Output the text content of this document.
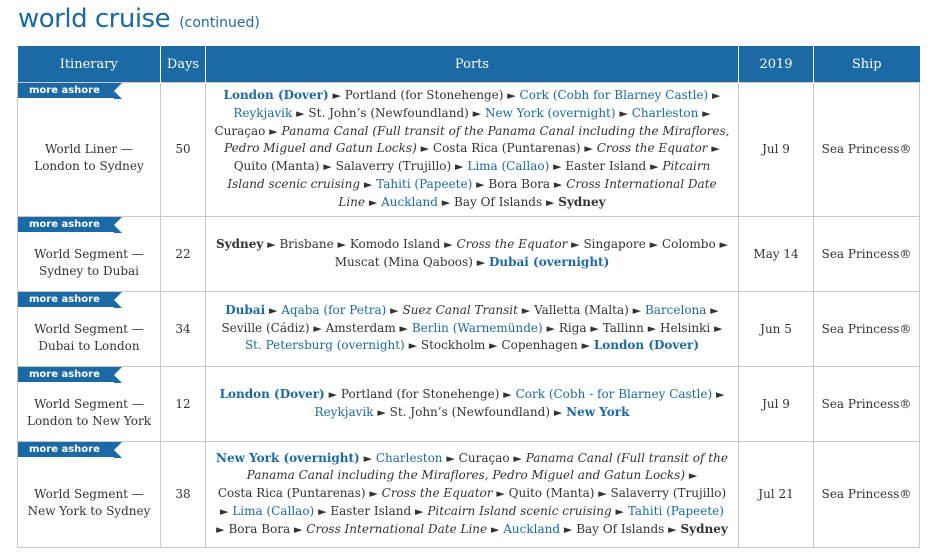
world cruise (continued)
Itinerary	Days	Ports	2019	Ship

more ashore
World Liner — London to Sydney	50	London (Dover) ► Portland (for Stonehenge) ► Cork (Cobh for Blarney Castle) ► Reykjavik ► St. John’s (Newfoundland) ► New York (overnight) ► Charleston ► Curaçao ► Panama Canal (Full transit of the Panama Canal including the Miraflores, Pedro Miguel and Gatun Locks) ► Costa Rica (Puntarenas) ► Cross the Equator ► Quito (Manta) ► Salaverry (Trujillo) ► Lima (Callao) ► Easter Island ► Pitcairn Island scenic cruising ► Tahiti (Papeete) ► Bora Bora ► Cross International Date Line ► Auckland ► Bay Of Islands ► Sydney	Jul 9	Sea Princess®

more ashore
World Segment — Sydney to Dubai	22	Sydney ► Brisbane ► Komodo Island ► Cross the Equator ► Singapore ► Colombo ► Muscat (Mina Qaboos) ► Dubai (overnight)	May 14	Sea Princess®

more ashore
World Segment — Dubai to London	34	Dubai ► Aqaba (for Petra) ► Suez Canal Transit ► Valletta (Malta) ► Barcelona ► Seville (Cádiz) ► Amsterdam ► Berlin (Warnemünde) ► Riga ► Tallinn ► Helsinki ► St. Petersburg (overnight) ► Stockholm ► Copenhagen ► London (Dover)	Jun 5	Sea Princess®

more ashore
World Segment — London to New York	12	London (Dover) ► Portland (for Stonehenge) ► Cork (Cobh - for Blarney Castle) ► Reykjavik ► St. John’s (Newfoundland) ► New York	Jul 9	Sea Princess®

more ashore
World Segment — New York to Sydney	38	New York (overnight) ► Charleston ► Curaçao ► Panama Canal (Full transit of the Panama Canal including the Miraflores, Pedro Miguel and Gatun Locks) ► Costa Rica (Puntarenas) ► Cross the Equator ► Quito (Manta) ► Salaverry (Trujillo) ► Lima (Callao) ► Easter Island ► Pitcairn Island scenic cruising ► Tahiti (Papeete) ► Bora Bora ► Cross International Date Line ► Auckland ► Bay Of Islands ► Sydney	Jul 21	Sea Princess®
